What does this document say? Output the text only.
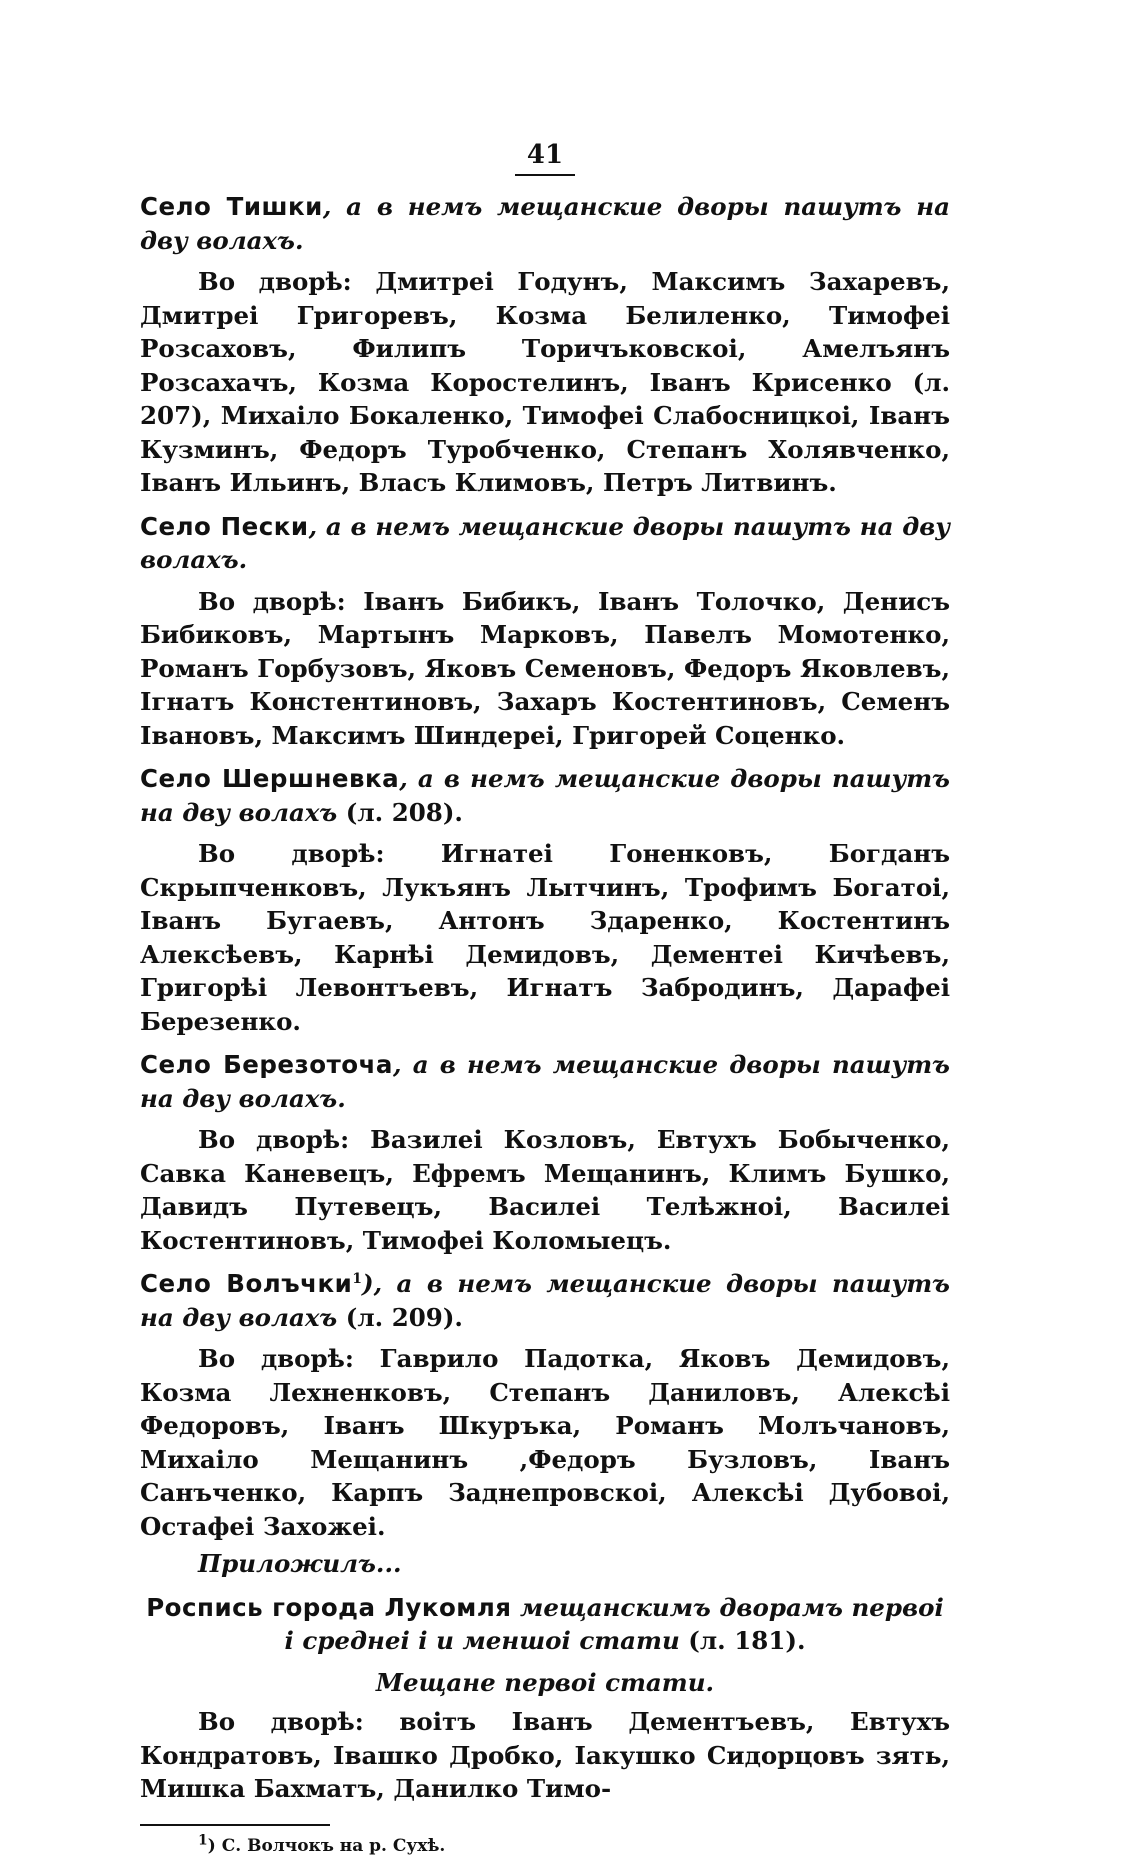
41
Село Тишки, а в немъ мещанские дворы пашутъ на дву волахъ.

Во дворѣ: Дмитреі Годунъ, Максимъ Захаревъ, Дмитреі Григоревъ, Козма Белиленко, Тимофеі Розсаховъ, Филипъ Торичъковскоі, Амелъянъ Розсахачъ, Козма Коростелинъ, Іванъ Крисенко (л. 207), Михаіло Бокаленко, Тимофеі Слабосницкоі, Іванъ Кузминъ, Федоръ Туробченко, Степанъ Холявченко, Іванъ Ильинъ, Власъ Климовъ, Петръ Литвинъ.

Село Пески, а в немъ мещанские дворы пашутъ на дву волахъ.

Во дворѣ: Іванъ Бибикъ, Іванъ Толочко, Денисъ Бибиковъ, Мартынъ Марковъ, Павелъ Момотенко, Романъ Горбузовъ, Яковъ Семеновъ, Федоръ Яковлевъ, Ігнатъ Констентиновъ, Захаръ Костентиновъ, Семенъ Івановъ, Максимъ Шиндереі, Григорей Соценко.

Село Шершневка, а в немъ мещанские дворы пашутъ на дву волахъ (л. 208).

Во дворѣ: Игнатеі Гоненковъ, Богданъ Скрыпченковъ, Лукъянъ Лытчинъ, Трофимъ Богатоі, Іванъ Бугаевъ, Антонъ Здаренко, Костентинъ Алексѣевъ, Карнѣі Демидовъ, Дементеі Кичѣевъ, Григорѣі Левонтъевъ, Игнатъ Забродинъ, Дарафеі Березенко.

Село Березоточа, а в немъ мещанские дворы пашутъ на дву волахъ.

Во дворѣ: Вазилеі Козловъ, Евтухъ Бобыченко, Савка Каневецъ, Ефремъ Мещанинъ, Климъ Бушко, Давидъ Путевецъ, Василеі Телѣжноі, Василеі Костентиновъ, Тимофеі Коломыецъ.

Село Волъчки$^1$), а в немъ мещанские дворы пашутъ на дву волахъ (л. 209).

Во дворѣ: Гаврило Падотка, Яковъ Демидовъ, Козма Лехненковъ, Степанъ Даниловъ, Алексѣі Федоровъ, Іванъ Шкуръка, Романъ Молъчановъ, Михаіло Мещанинъ ,Федоръ Бузловъ, Іванъ Санъченко, Карпъ Заднепровскоі, Алексѣі Дубовоі, Остафеі Захожеі.

Приложилъ...
Роспись города Лукомля мещанскимъ дворамъ первоі і среднеі і и меншоі стати (л. 181).
Мещане первоі стати.

Во дворѣ: воітъ Іванъ Дементъевъ, Евтухъ Кондратовъ, Івашко Дробко, Іакушко Сидорцовъ зять, Мишка Бахматъ, Данилко Тимо-

$^1$) С. Волчокъ на р. Сухѣ.
